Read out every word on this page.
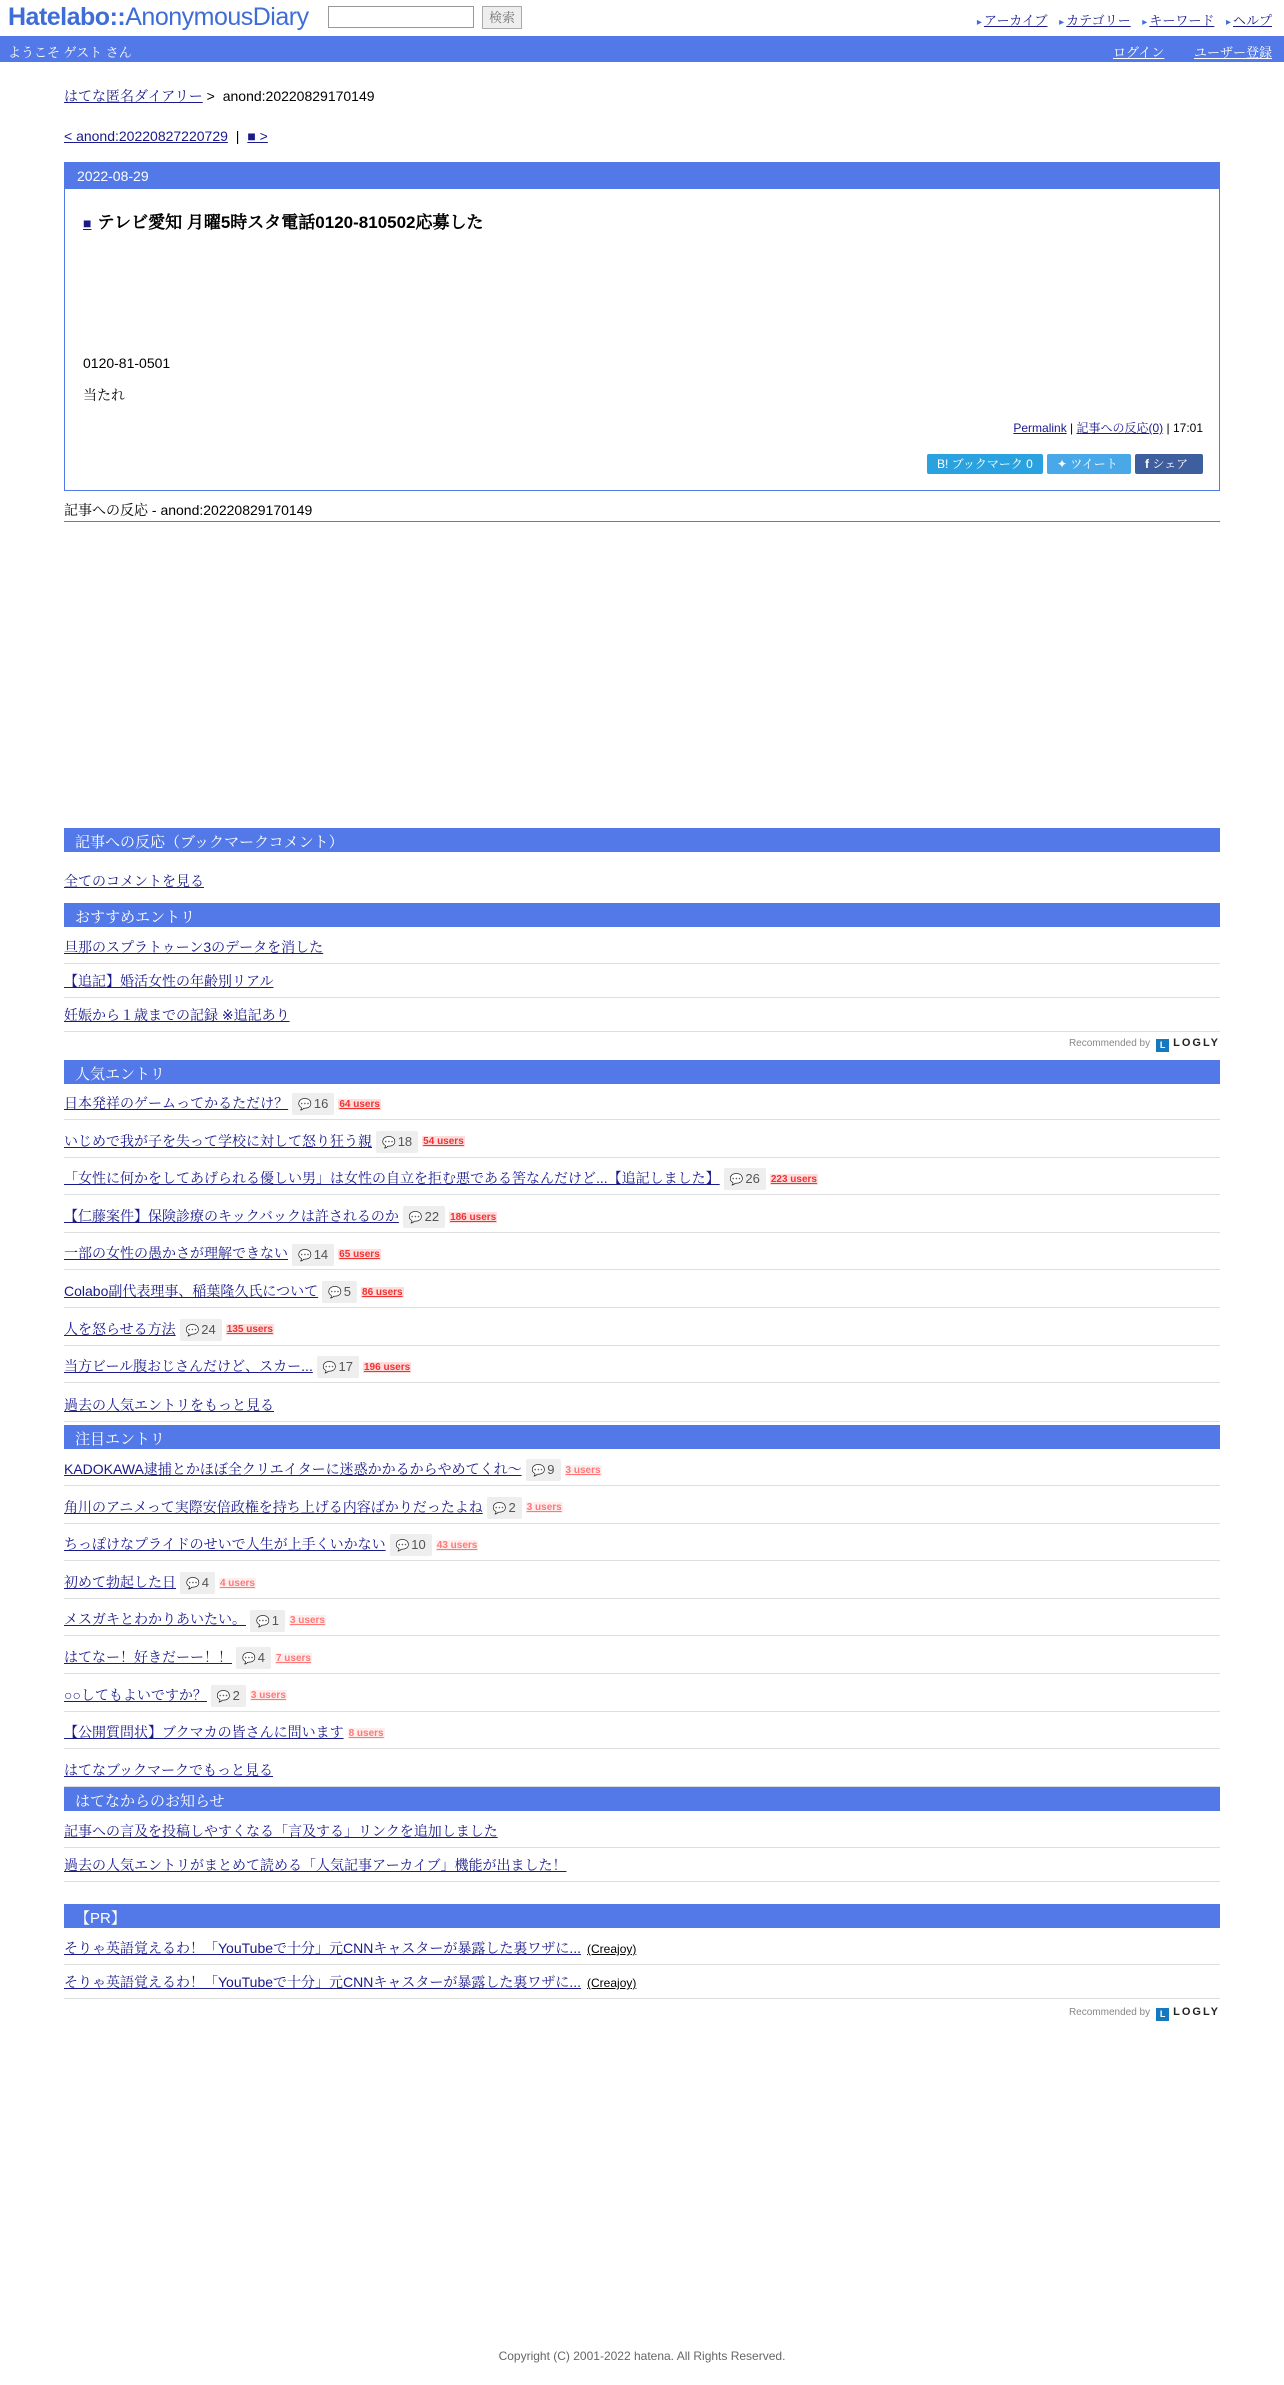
Hatelabo::AnonymousDiary	検索	▸ アーカイブ ▸ カテゴリー ▸ キーワード ▸ ヘルプ
ようこそ ゲスト さん	ログイン ユーザー登録
はてな匿名ダイアリー > anond:20220829170149
< anond:20220827220729 | ■ >
2022-08-29
■ テレビ愛知 月曜5時スタ電話0120-810502応募した
0120-81-0501
当たれ
Permalink | 記事への反応(0) | 17:01
B! ブックマーク 0 ✦ ツイート f シェア
記事への反応 - anond:20220829170149
記事への反応（ブックマークコメント）
全てのコメントを見る
おすすめエントリ
旦那のスプラトゥーン3のデータを消した
【追記】婚活女性の年齢別リアル
妊娠から１歳までの記録 ※追記あり
Recommended by L LOGLY
人気エントリ
日本発祥のゲームってかるただけ？ 💬 16 64 users
いじめで我が子を失って学校に対して怒り狂う親 💬 18 54 users
「女性に何かをしてあげられる優しい男」は女性の自立を拒む悪である筈なんだけど...【追記しました】 💬 26 223 users
【仁藤案件】保険診療のキックバックは許されるのか 💬 22 186 users
一部の女性の愚かさが理解できない 💬 14 65 users
Colabo副代表理事、稲葉隆久氏について 💬 5 86 users
人を怒らせる方法 💬 24 135 users
当方ビール腹おじさんだけど、スカー... 💬 17 196 users
過去の人気エントリをもっと見る
注目エントリ
KADOKAWA逮捕とかほぼ全クリエイターに迷惑かかるからやめてくれ〜 💬 9 3 users
角川のアニメって実際安倍政権を持ち上げる内容ばかりだったよね 💬 2 3 users
ちっぽけなプライドのせいで人生が上手くいかない 💬 10 43 users
初めて勃起した日 💬 4 4 users
メスガキとわかりあいたい。 💬 1 3 users
はてなー！好きだーー！！ 💬 4 7 users
○○してもよいですか？ 💬 2 3 users
【公開質問状】ブクマカの皆さんに問います 8 users
はてなブックマークでもっと見る
はてなからのお知らせ
記事への言及を投稿しやすくなる「言及する」リンクを追加しました
過去の人気エントリがまとめて読める「人気記事アーカイブ」機能が出ました！
【PR】
そりゃ英語覚えるわ！「YouTubeで十分」元CNNキャスターが暴露した裏ワザに... (Creajoy)
そりゃ英語覚えるわ！「YouTubeで十分」元CNNキャスターが暴露した裏ワザに... (Creajoy)
Recommended by L LOGLY
Copyright (C) 2001-2022 hatena. All Rights Reserved.
